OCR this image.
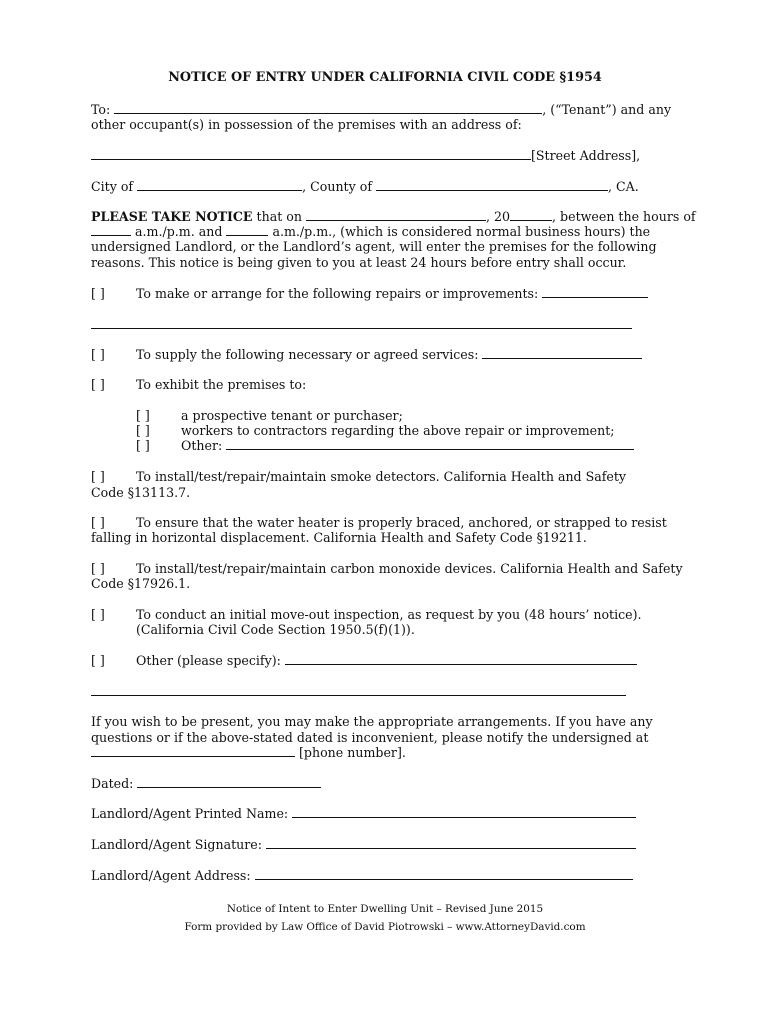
NOTICE OF ENTRY UNDER CALIFORNIA CIVIL CODE §1954
To:	, (“Tenant”) and any
other occupant(s) in possession of the premises with an address of:
[Street Address],
City of	, County of	, CA.
PLEASE TAKE NOTICE that on	, 20	, between the hours of
a.m./p.m. and	a.m./p.m., (which is considered normal business hours) the
undersigned Landlord, or the Landlord’s agent, will enter the premises for the following
reasons. This notice is being given to you at least 24 hours before entry shall occur.
[ ] To make or arrange for the following repairs or improvements:
[ ] To supply the following necessary or agreed services:
[ ] To exhibit the premises to:
[ ] a prospective tenant or purchaser;
[ ] workers to contractors regarding the above repair or improvement;
[ ] Other:
[ ] To install/test/repair/maintain smoke detectors. California Health and Safety
Code §13113.7.
[ ] To ensure that the water heater is properly braced, anchored, or strapped to resist
falling in horizontal displacement. California Health and Safety Code §19211.
[ ] To install/test/repair/maintain carbon monoxide devices. California Health and Safety
Code §17926.1.
[ ] To conduct an initial move-out inspection, as request by you (48 hours’ notice).
(California Civil Code Section 1950.5(f)(1)).
[ ] Other (please specify):
If you wish to be present, you may make the appropriate arrangements. If you have any
questions or if the above-stated dated is inconvenient, please notify the undersigned at
[phone number].
Dated:
Landlord/Agent Printed Name:
Landlord/Agent Signature:
Landlord/Agent Address:
Notice of Intent to Enter Dwelling Unit – Revised June 2015
Form provided by Law Office of David Piotrowski – www.AttorneyDavid.com
